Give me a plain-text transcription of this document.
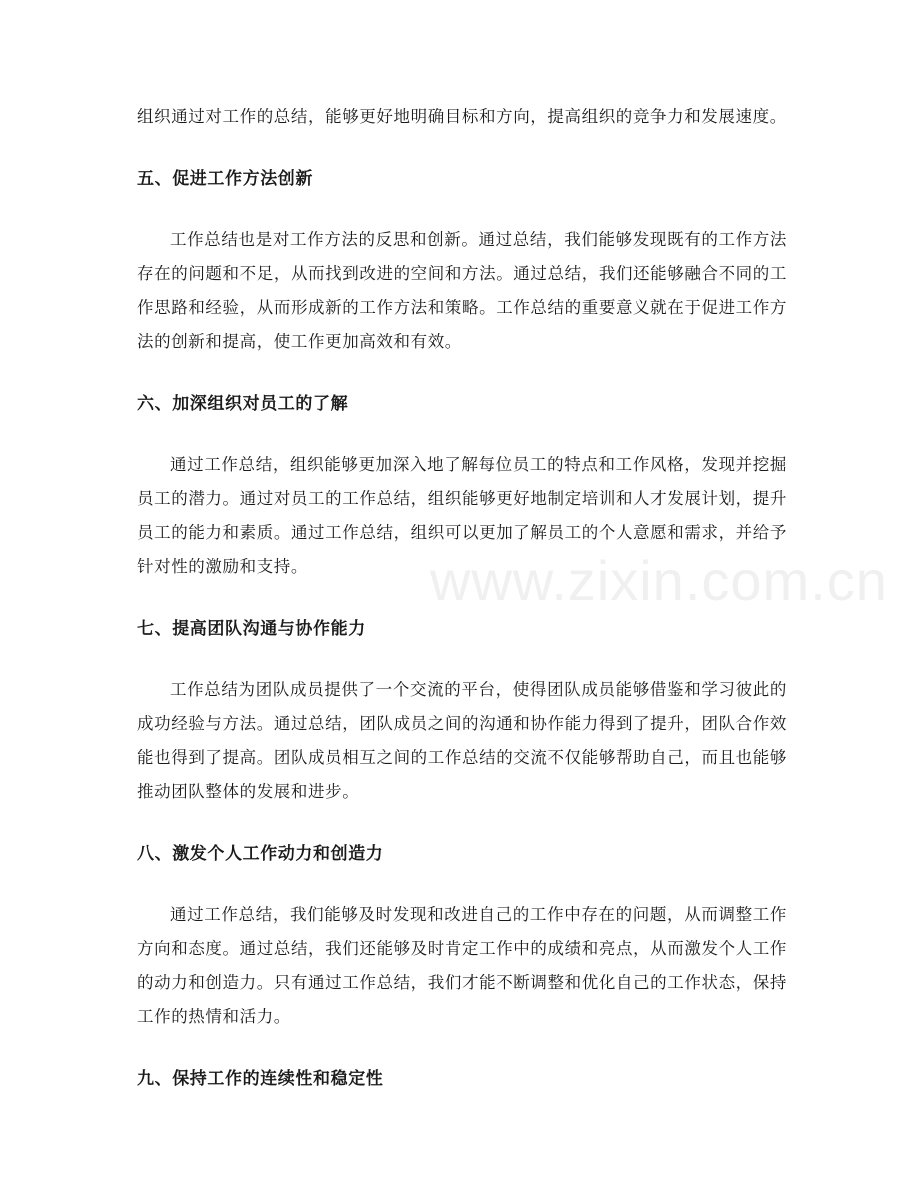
组织通过对工作的总结，能够更好地明确目标和方向，提高组织的竞争力和发展速度。

五、促进工作方法创新

工作总结也是对工作方法的反思和创新。通过总结，我们能够发现既有的工作方法存在的问题和不足，从而找到改进的空间和方法。通过总结，我们还能够融合不同的工作思路和经验，从而形成新的工作方法和策略。工作总结的重要意义就在于促进工作方法的创新和提高，使工作更加高效和有效。

六、加深组织对员工的了解

通过工作总结，组织能够更加深入地了解每位员工的特点和工作风格，发现并挖掘员工的潜力。通过对员工的工作总结，组织能够更好地制定培训和人才发展计划，提升员工的能力和素质。通过工作总结，组织可以更加了解员工的个人意愿和需求，并给予针对性的激励和支持。

七、提高团队沟通与协作能力

工作总结为团队成员提供了一个交流的平台，使得团队成员能够借鉴和学习彼此的成功经验与方法。通过总结，团队成员之间的沟通和协作能力得到了提升，团队合作效能也得到了提高。团队成员相互之间的工作总结的交流不仅能够帮助自己，而且也能够推动团队整体的发展和进步。

八、激发个人工作动力和创造力

通过工作总结，我们能够及时发现和改进自己的工作中存在的问题，从而调整工作方向和态度。通过总结，我们还能够及时肯定工作中的成绩和亮点，从而激发个人工作的动力和创造力。只有通过工作总结，我们才能不断调整和优化自己的工作状态，保持工作的热情和活力。

九、保持工作的连续性和稳定性
www.zixin.com.cn
